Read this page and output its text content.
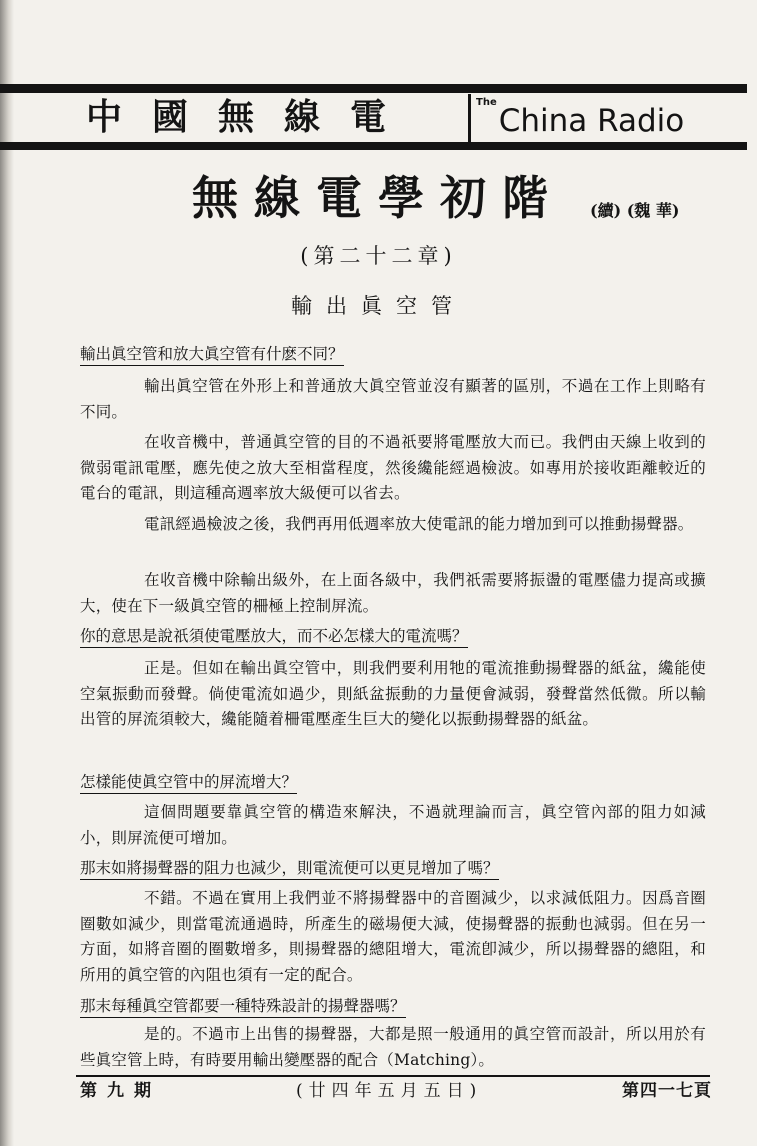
中國無線電	$^{The}$China Radio
無線電學初階 (續) (魏 華)
(第二十二章)
輸出眞空管
輸出眞空管和放大眞空管有什麽不同？

輸出眞空管在外形上和普通放大眞空管並沒有顯著的區別，不過在工作上則略有不同。

在收音機中，普通眞空管的目的不過祇要將電壓放大而已。我們由天線上收到的微弱電訊電壓，應先使之放大至相當程度，然後纔能經過檢波。如專用於接收距離較近的電台的電訊，則這種高週率放大級便可以省去。

電訊經過檢波之後，我們再用低週率放大使電訊的能力增加到可以推動揚聲器。

在收音機中除輸出級外，在上面各級中，我們祇需要將振盪的電壓儘力提高或擴大，使在下一級眞空管的柵極上控制屏流。

你的意思是說祇須使電壓放大，而不必怎樣大的電流嗎？

正是。但如在輸出眞空管中，則我們要利用牠的電流推動揚聲器的紙盆，纔能使空氣振動而發聲。倘使電流如過少，則紙盆振動的力量便會減弱，發聲當然低微。所以輸出管的屏流須較大，纔能隨着柵電壓產生巨大的變化以振動揚聲器的紙盆。

怎樣能使眞空管中的屏流增大？

這個問題要靠眞空管的構造來解決，不過就理論而言，眞空管內部的阻力如減小，則屏流便可增加。

那末如將揚聲器的阻力也減少，則電流便可以更見增加了嗎？

不錯。不過在實用上我們並不將揚聲器中的音圈減少，以求減低阻力。因爲音圈圈數如減少，則當電流通過時，所產生的磁場便大減，使揚聲器的振動也減弱。但在另一方面，如將音圈的圈數增多，則揚聲器的總阻增大，電流卽減少，所以揚聲器的總阻，和所用的眞空管的內阻也須有一定的配合。

那末每種眞空管都要一種特殊設計的揚聲器嗎？

是的。不過市上出售的揚聲器，大都是照一般通用的眞空管而設計，所以用於有些眞空管上時，有時要用輸出變壓器的配合（Matching）。

第九期	(廿四年五月五日)	第四一七頁
